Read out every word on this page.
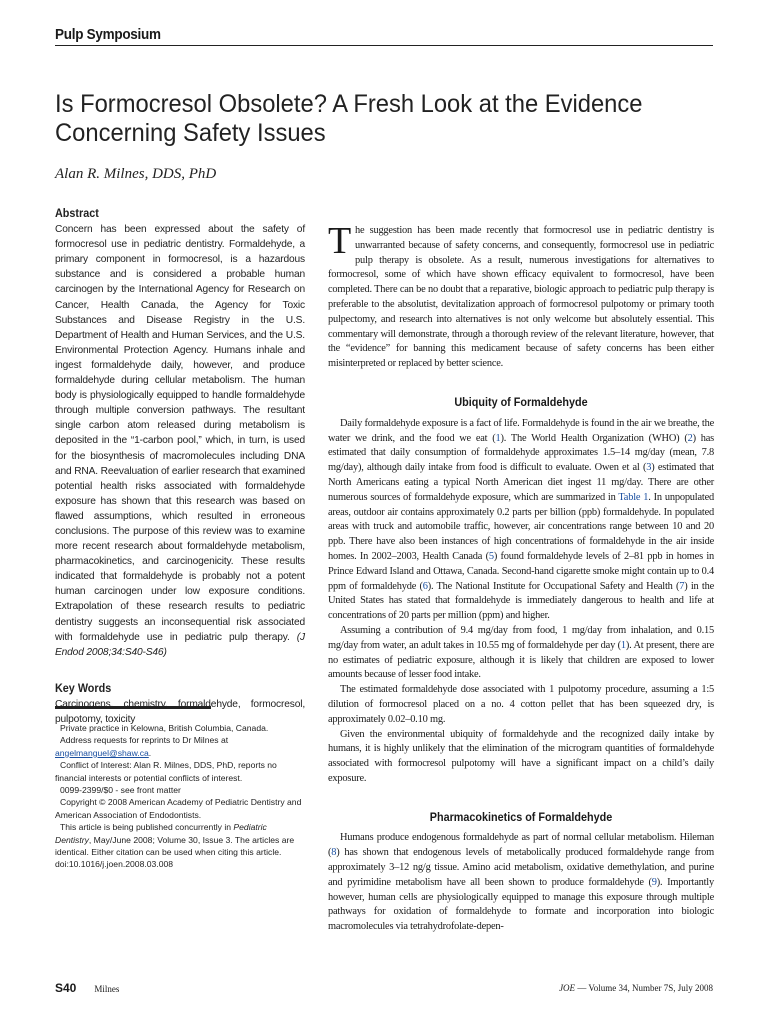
Pulp Symposium
Is Formocresol Obsolete? A Fresh Look at the Evidence
Concerning Safety Issues
Alan R. Milnes, DDS, PhD
Abstract

Concern has been expressed about the safety of formocresol use in pediatric dentistry. Formaldehyde, a primary component in formocresol, is a hazardous substance and is considered a probable human carcinogen by the International Agency for Research on Cancer, Health Canada, the Agency for Toxic Substances and Disease Registry in the U.S. Department of Health and Human Services, and the U.S. Environmental Protection Agency. Humans inhale and ingest formaldehyde daily, however, and produce formaldehyde during cellular metabolism. The human body is physiologically equipped to handle formaldehyde through multiple conversion pathways. The resultant single carbon atom released during metabolism is deposited in the “1-carbon pool,” which, in turn, is used for the biosynthesis of macromolecules including DNA and RNA. Reevaluation of earlier research that examined potential health risks associated with formaldehyde exposure has shown that this research was based on flawed assumptions, which resulted in erroneous conclusions. The purpose of this review was to examine more recent research about formaldehyde metabolism, pharmacokinetics, and carcinogenicity. These results indicated that formaldehyde is probably not a potent human carcinogen under low exposure conditions. Extrapolation of these research results to pediatric dentistry suggests an inconsequential risk associated with formaldehyde use in pediatric pulp therapy. (J Endod 2008;34:S40-S46)

Key Words

Carcinogens, chemistry, formaldehyde, formocresol, pulpotomy, toxicity

Private practice in Kelowna, British Columbia, Canada.

Address requests for reprints to Dr Milnes at angelmanguel@shaw.ca.

Conflict of Interest: Alan R. Milnes, DDS, PhD, reports no financial interests or potential conflicts of interest.

0099-2399/$0 - see front matter

Copyright © 2008 American Academy of Pediatric Dentistry and American Association of Endodontists.

This article is being published concurrently in Pediatric Dentistry, May/June 2008; Volume 30, Issue 3. The articles are identical. Either citation can be used when citing this article.

doi:10.1016/j.joen.2008.03.008

The suggestion has been made recently that formocresol use in pediatric dentistry is unwarranted because of safety concerns, and consequently, formocresol use in pediatric pulp therapy is obsolete. As a result, numerous investigations for alternatives to formocresol, some of which have shown efficacy equivalent to formocresol, have been completed. There can be no doubt that a reparative, biologic approach to pediatric pulp therapy is preferable to the absolutist, devitalization approach of formocresol pulpotomy or primary tooth pulpectomy, and research into alternatives is not only welcome but absolutely essential. This commentary will demonstrate, through a thorough review of the relevant literature, however, that the “evidence” for banning this medicament because of safety concerns has been either misinterpreted or replaced by better science.

Ubiquity of Formaldehyde

Daily formaldehyde exposure is a fact of life. Formaldehyde is found in the air we breathe, the water we drink, and the food we eat (1). The World Health Organization (WHO) (2) has estimated that daily consumption of formaldehyde approximates 1.5–14 mg/day (mean, 7.8 mg/day), although daily intake from food is difficult to evaluate. Owen et al (3) estimated that North Americans eating a typical North American diet ingest 11 mg/day. There are other numerous sources of formaldehyde exposure, which are summarized in Table 1. In unpopulated areas, outdoor air contains approximately 0.2 parts per billion (ppb) formaldehyde. In populated areas with truck and automobile traffic, however, air concentrations range between 10 and 20 ppb. There have also been instances of high concentrations of formaldehyde in the air inside homes. In 2002–2003, Health Canada (5) found formaldehyde levels of 2–81 ppb in homes in Prince Edward Island and Ottawa, Canada. Second-hand cigarette smoke might contain up to 0.4 ppm of formaldehyde (6). The National Institute for Occupational Safety and Health (7) in the United States has stated that formaldehyde is immediately dangerous to health and life at concentrations of 20 parts per million (ppm) and higher.

Assuming a contribution of 9.4 mg/day from food, 1 mg/day from inhalation, and 0.15 mg/day from water, an adult takes in 10.55 mg of formaldehyde per day (1). At present, there are no estimates of pediatric exposure, although it is likely that children are exposed to lower amounts because of lesser food intake.

The estimated formaldehyde dose associated with 1 pulpotomy procedure, assuming a 1:5 dilution of formocresol placed on a no. 4 cotton pellet that has been squeezed dry, is approximately 0.02–0.10 mg.

Given the environmental ubiquity of formaldehyde and the recognized daily intake by humans, it is highly unlikely that the elimination of the microgram quantities of formaldehyde associated with formocresol pulpotomy will have a significant impact on a child’s daily exposure.

Pharmacokinetics of Formaldehyde

Humans produce endogenous formaldehyde as part of normal cellular metabolism. Hileman (8) has shown that endogenous levels of metabolically produced formaldehyde range from approximately 3–12 ng/g tissue. Amino acid metabolism, oxidative demethylation, and purine and pyrimidine metabolism have all been shown to produce formaldehyde (9). Importantly however, human cells are physiologically equipped to manage this exposure through multiple pathways for oxidation of formaldehyde to formate and incorporation into biologic macromolecules via tetrahydrofolate-depen-

S40 Milnes	JOE — Volume 34, Number 7S, July 2008
